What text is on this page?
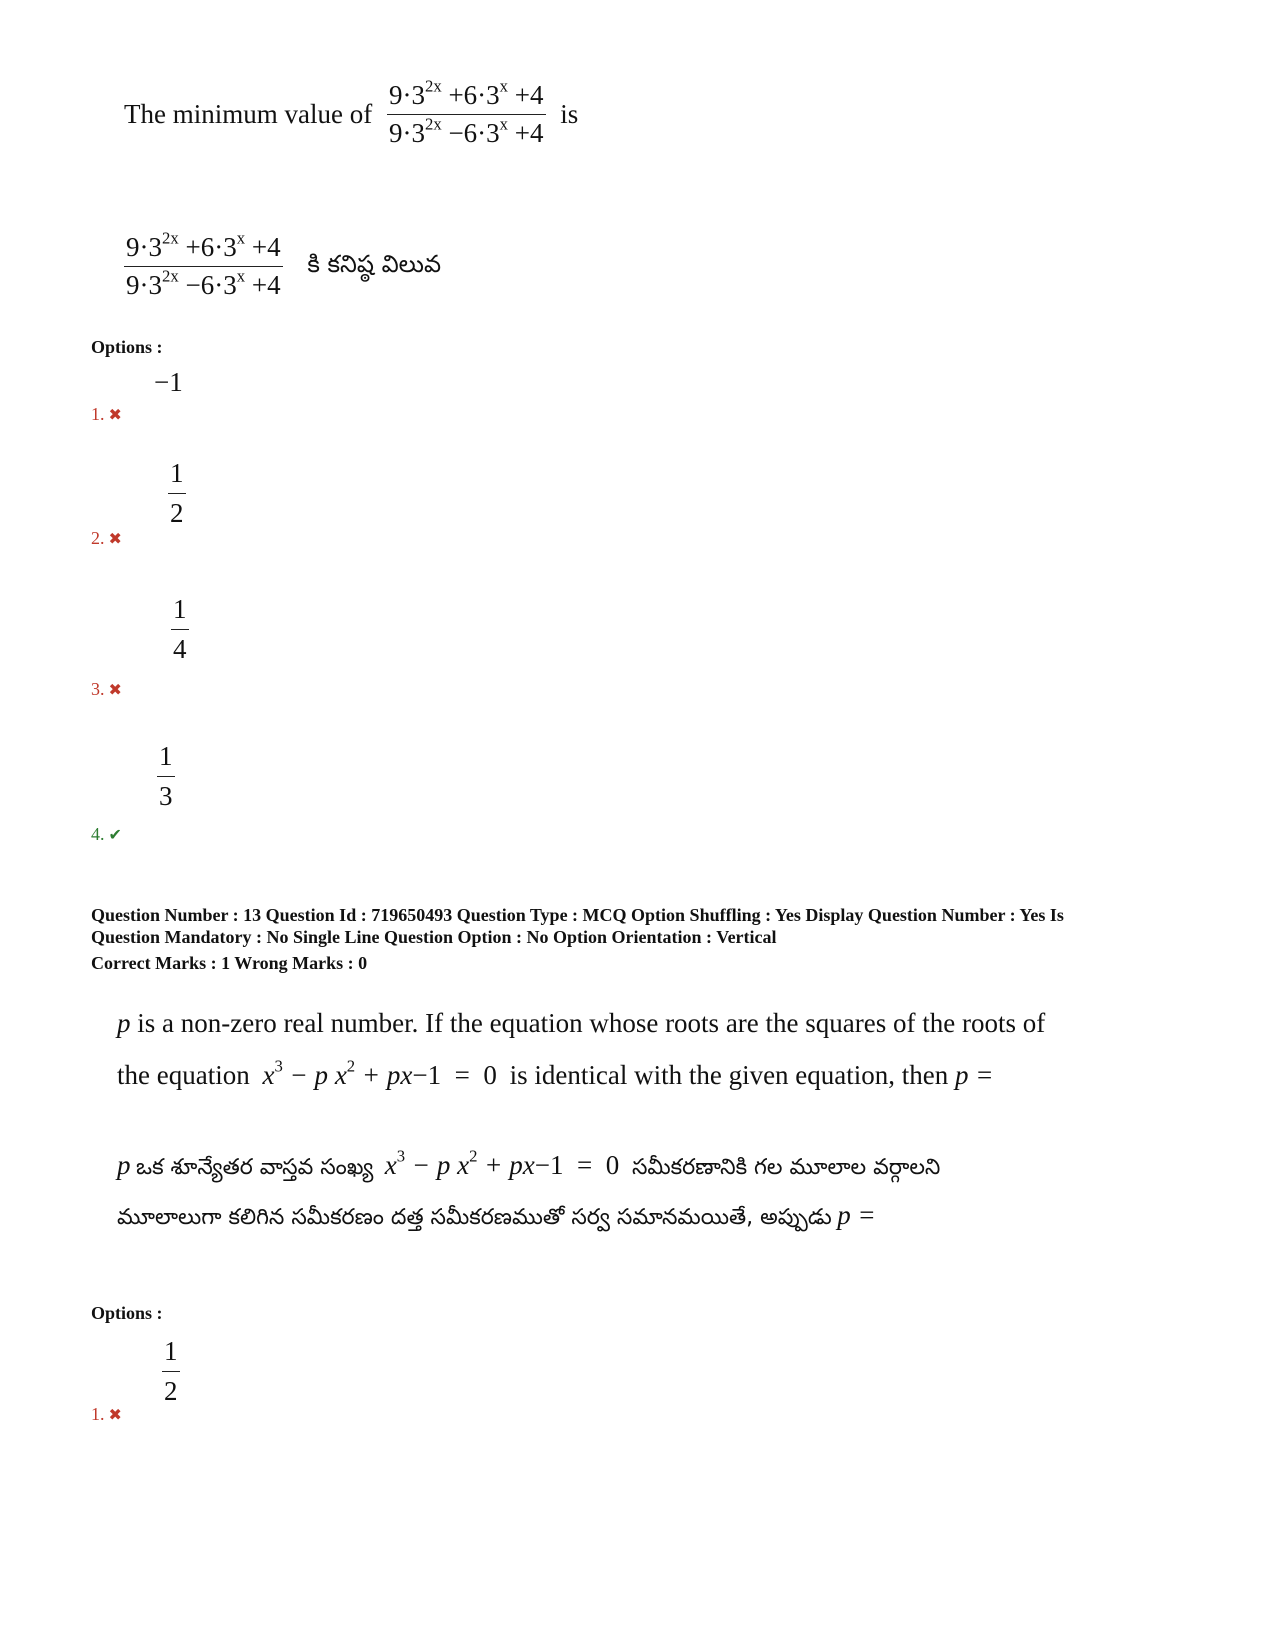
The minimum value of $\frac{9\cdot 3^{2x} +6\cdot 3^x +4}{9\cdot 3^{2x} -6\cdot 3^x +4}$ is
$\frac{9\cdot 3^{2x} +6\cdot 3^x +4}{9\cdot 3^{2x} -6\cdot 3^x +4}$ కి కనిష్ఠ విలువ
Options :
−1
1. ✖
1
2
2. ✖
1
4
3. ✖
1
3
4. ✔
Question Number : 13 Question Id : 719650493 Question Type : MCQ Option Shuffling : Yes Display Question Number : Yes Is
Question Mandatory : No Single Line Question Option : No Option Orientation : Vertical
Correct Marks : 1 Wrong Marks : 0
p is a non-zero real number. If the equation whose roots are the squares of the roots of
the equation $x^3 - p$ $x^2 + px-1 = 0$ is identical with the given equation, then p =
p ఒక శూన్యేతర వాస్తవ సంఖ్య $x^3 - p$ $x^2 + px-1 = 0$ సమీకరణానికి గల మూలాల వర్గాలని
మూలాలుగా కలిగిన సమీకరణం దత్త సమీకరణముతో సర్వ సమానమయితే, అప్పుడు p =
Options :
1
2
1. ✖
